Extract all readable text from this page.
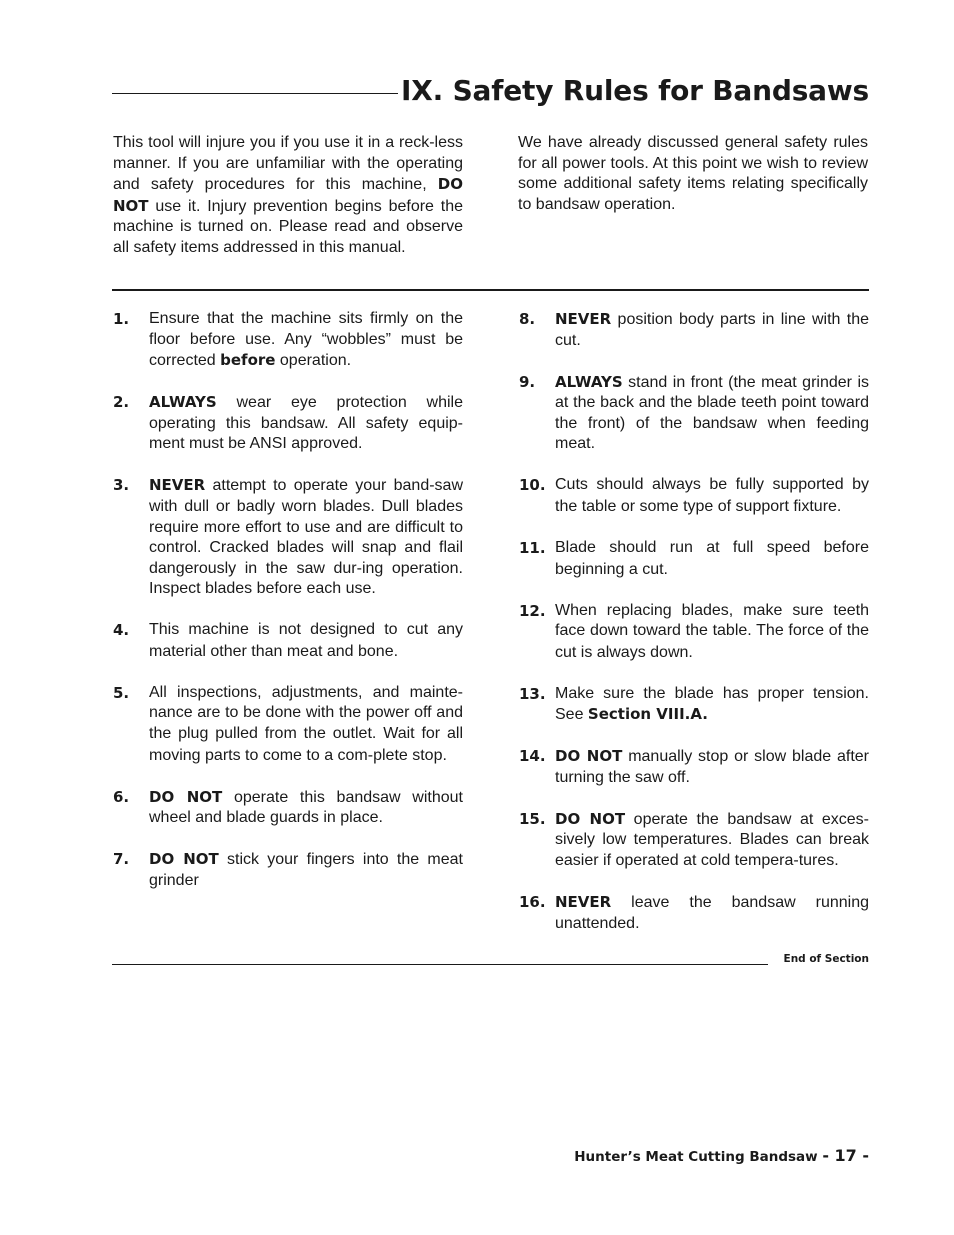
IX. Safety Rules for Bandsaws

This tool will injure you if you use it in a reck-less manner. If you are unfamiliar with the operating and safety procedures for this machine, DO NOT use it. Injury prevention begins before the machine is turned on. Please read and observe all safety items addressed in this manual.

We have already discussed general safety rules for all power tools. At this point we wish to review some additional safety items relating specifically to bandsaw operation.

1. Ensure that the machine sits firmly on the floor before use. Any “wobbles” must be corrected before operation.
2. ALWAYS wear eye protection while operating this bandsaw. All safety equip-ment must be ANSI approved.
3. NEVER attempt to operate your band-saw with dull or badly worn blades. Dull blades require more effort to use and are difficult to control. Cracked blades will snap and flail dangerously in the saw dur-ing operation. Inspect blades before each use.
4. This machine is not designed to cut any material other than meat and bone.
5. All inspections, adjustments, and mainte-nance are to be done with the power off and the plug pulled from the outlet. Wait for all moving parts to come to a com-plete stop.
6. DO NOT operate this bandsaw without wheel and blade guards in place.
7. DO NOT stick your fingers into the meat grinder
8. NEVER position body parts in line with the cut.
9. ALWAYS stand in front (the meat grinder is at the back and the blade teeth point toward the front) of the bandsaw when feeding meat.
10. Cuts should always be fully supported by the table or some type of support fixture.
11. Blade should run at full speed before beginning a cut.
12. When replacing blades, make sure teeth face down toward the table. The force of the cut is always down.
13. Make sure the blade has proper tension. See Section VIII.A.
14. DO NOT manually stop or slow blade after turning the saw off.
15. DO NOT operate the bandsaw at exces-sively low temperatures. Blades can break easier if operated at cold tempera-tures.
16. NEVER leave the bandsaw running unattended.
End of Section
Hunter’s Meat Cutting Bandsaw - 17 -
